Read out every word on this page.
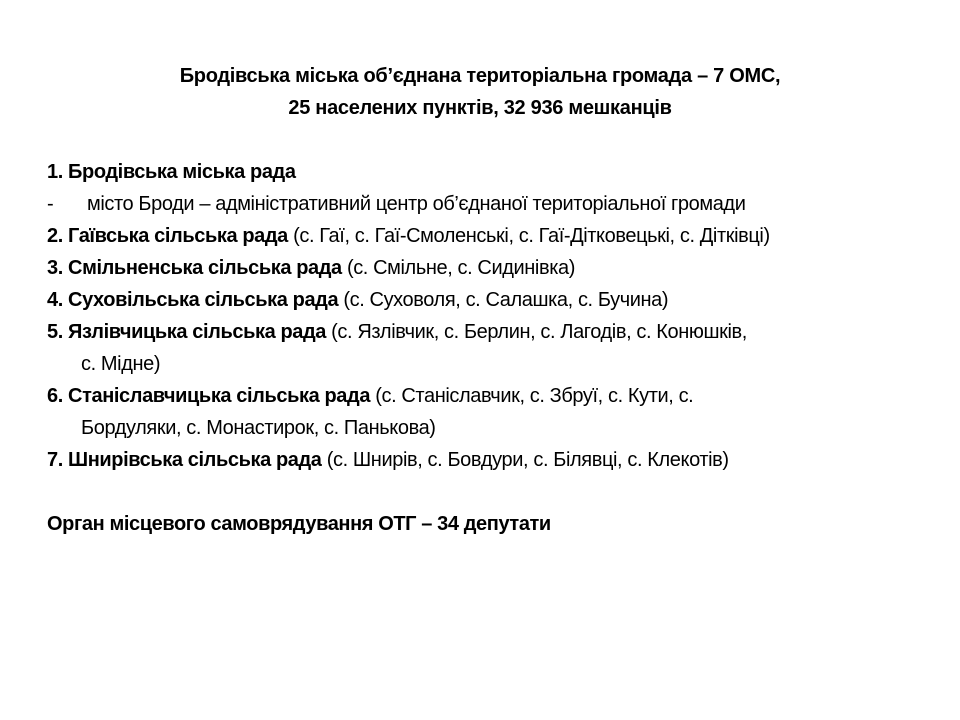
Бродівська міська об’єднана територіальна громада – 7 ОМС,
25 населених пунктів, 32 936 мешканців
1. Бродівська міська рада
- місто Броди – адміністративний центр об’єднаної територіальної громади
2. Гаївська сільська рада (с. Гаї, с. Гаї-Смоленські, с. Гаї-Дітковецькі, с. Дітківці)
3. Смільненська сільська рада (с. Смільне, с. Сидинівка)
4. Суховільська сільська рада (с. Суховоля, с. Салашка, с. Бучина)
5. Язлівчицька сільська рада (с. Язлівчик, с. Берлин, с. Лагодів, с. Конюшків,
с. Мідне)
6. Станіславчицька сільська рада (с. Станіславчик, с. Збруї, с. Кути, с.
Бордуляки, с. Монастирок, с. Панькова)
7. Шнирівська сільська рада (с. Шнирів, с. Бовдури, с. Білявці, с. Клекотів)
Орган місцевого самоврядування ОТГ – 34 депутати
